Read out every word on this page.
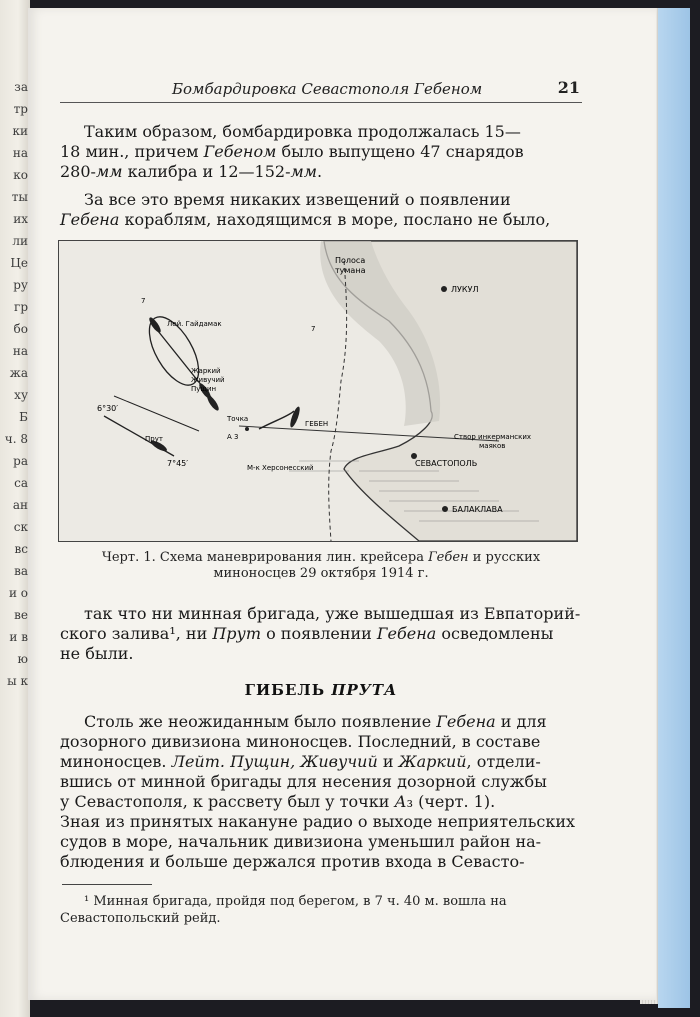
за
тр
ки
на
ко
ты
их
ли
Це
ру
гр
бо
на
жа
ху
Б
ч. 8
ра
са
ан
ск
вс
ва
и о
ве
и в
ю
ы к
Бомбардировка Севастополя Гебеном	21
Таким образом, бомбардировка продолжалась 15—
18 мин., причем Гебеном было выпущено 47 снарядов
280-мм калибра и 12—152-мм.
За все это время никаких извещений о появлении
Гебена кораблям, находящимся в море, послано не было,
Полоса
тумана
ЛУКУЛ
СЕВАСТОПОЛЬ
БАЛАКЛАВА
ГЕБЕН
Точка
А 3
М-к Херсонесский
Створ инкерманских
маяков
Лей. Гайдамак
Жаркий
Живучий
Пущин
Прут
6°30′
7°45′
7
7
Черт. 1. Схема маневрирования лин. крейсера Гебен и русских миноносцев 29 октября 1914 г.
так что ни минная бригада, уже вышедшая из Евпаторий-
ского залива¹, ни Прут о появлении Гебена осведомлены
не были.
ГИБЕЛЬ ПРУТА
Столь же неожиданным было появление Гебена и для
дозорного дивизиона миноносцев. Последний, в составе
миноносцев. Лейт. Пущин, Живучий и Жаркий, отдели-
вшись от минной бригады для несения дозорной службы
у Севастополя, к рассвету был у точки А₃ (черт. 1).
Зная из принятых накануне радио о выходе неприятельских
судов в море, начальник дивизиона уменьшил район на-
блюдения и больше держался против входа в Севасто-
¹ Минная бригада, пройдя под берегом, в 7 ч. 40 м. вошла на
Севастопольский рейд.
